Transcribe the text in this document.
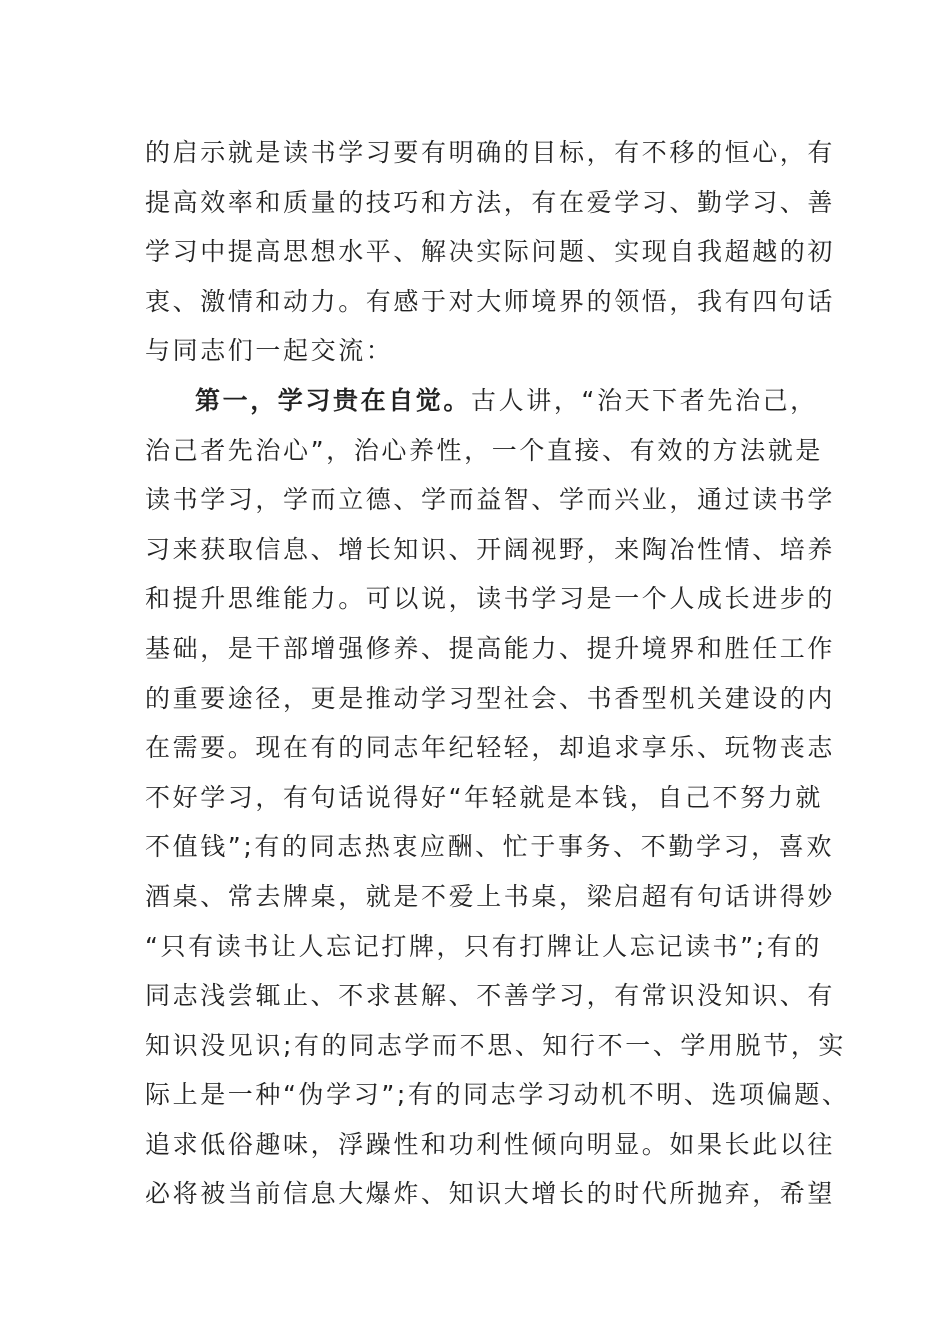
的启示就是读书学习要有明确的目标，有不移的恒心，有
提高效率和质量的技巧和方法，有在爱学习、勤学习、善
学习中提高思想水平、解决实际问题、实现自我超越的初
衷、激情和动力。有感于对大师境界的领悟，我有四句话
与同志们一起交流：
第一，学习贵在自觉。古人讲，“治天下者先治己，
治己者先治心”，治心养性，一个直接、有效的方法就是
读书学习，学而立德、学而益智、学而兴业，通过读书学
习来获取信息、增长知识、开阔视野，来陶冶性情、培养
和提升思维能力。可以说，读书学习是一个人成长进步的
基础，是干部增强修养、提高能力、提升境界和胜任工作
的重要途径，更是推动学习型社会、书香型机关建设的内
在需要。现在有的同志年纪轻轻，却追求享乐、玩物丧志
不好学习，有句话说得好“年轻就是本钱，自己不努力就
不值钱”;有的同志热衷应酬、忙于事务、不勤学习，喜欢
酒桌、常去牌桌，就是不爱上书桌，梁启超有句话讲得妙
“只有读书让人忘记打牌，只有打牌让人忘记读书”;有的
同志浅尝辄止、不求甚解、不善学习，有常识没知识、有
知识没见识;有的同志学而不思、知行不一、学用脱节，实
际上是一种“伪学习”;有的同志学习动机不明、选项偏题、
追求低俗趣味，浮躁性和功利性倾向明显。如果长此以往
必将被当前信息大爆炸、知识大增长的时代所抛弃，希望
